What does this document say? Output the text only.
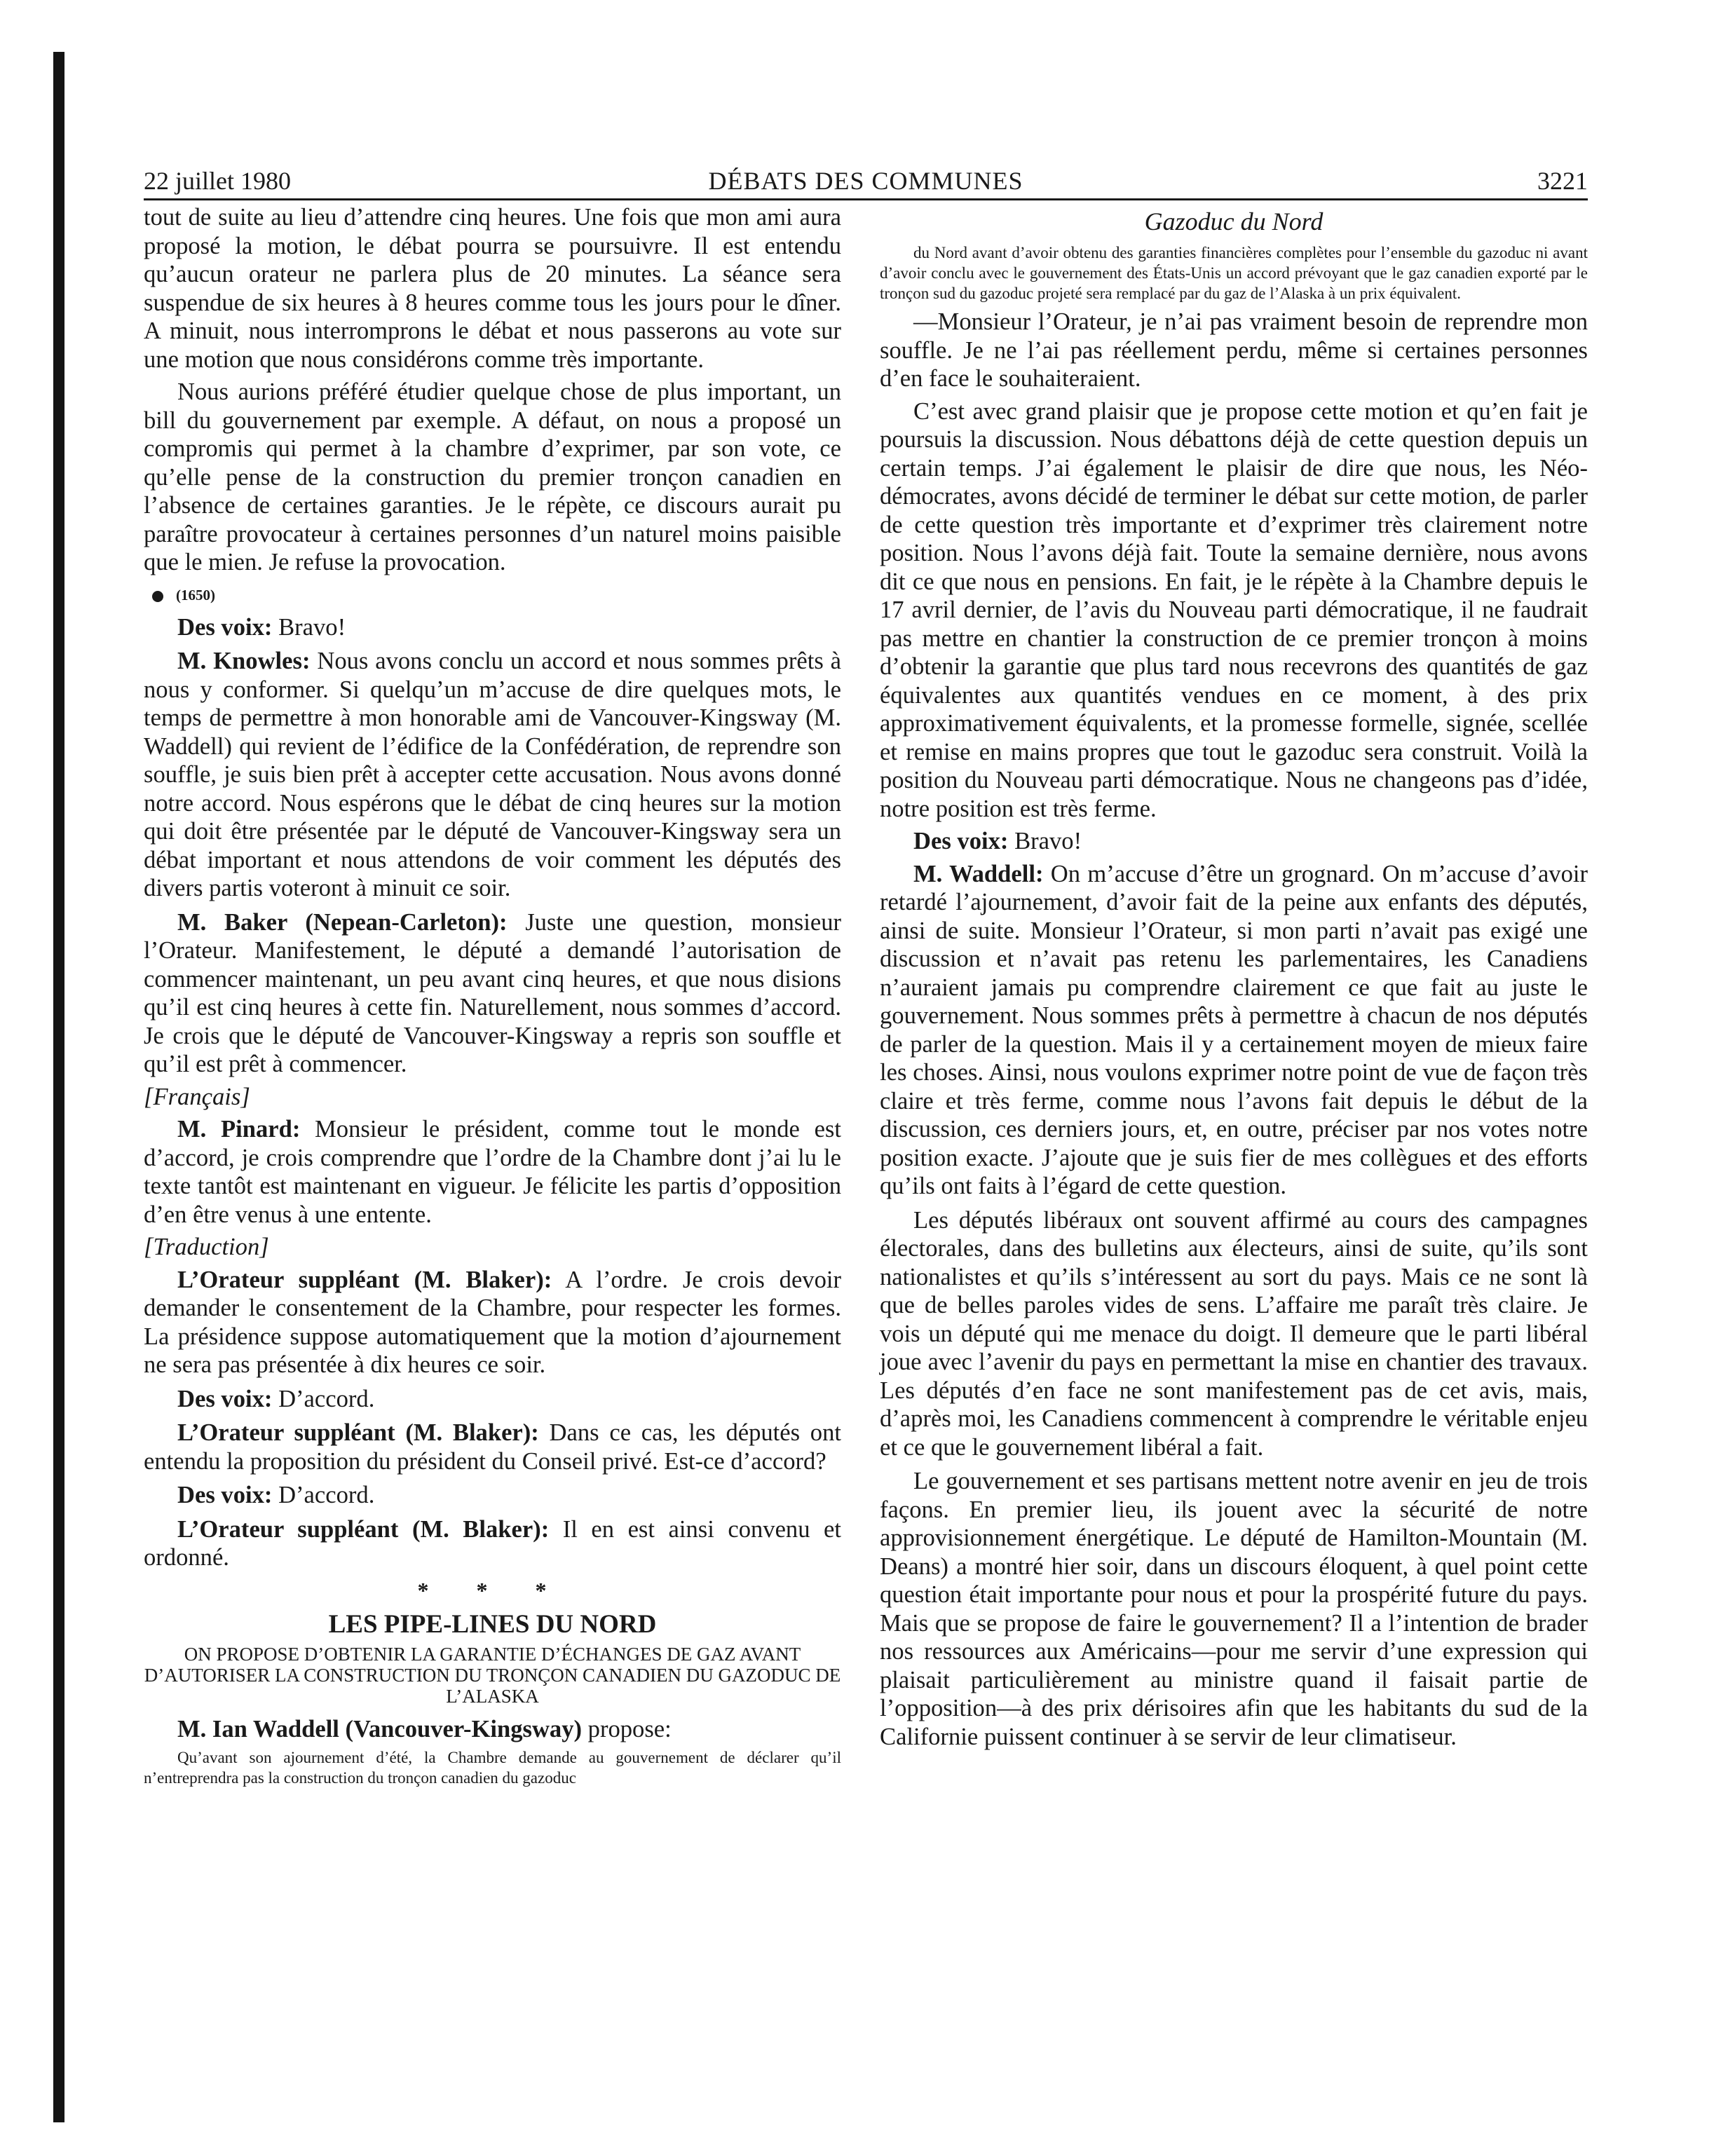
22 juillet 1980	DÉBATS DES COMMUNES	3221

tout de suite au lieu d’attendre cinq heures. Une fois que mon ami aura proposé la motion, le débat pourra se poursuivre. Il est entendu qu’aucun orateur ne parlera plus de 20 minutes. La séance sera suspendue de six heures à 8 heures comme tous les jours pour le dîner. A minuit, nous interromprons le débat et nous passerons au vote sur une motion que nous considérons comme très importante.

Nous aurions préféré étudier quelque chose de plus important, un bill du gouvernement par exemple. A défaut, on nous a proposé un compromis qui permet à la chambre d’exprimer, par son vote, ce qu’elle pense de la construction du premier tronçon canadien en l’absence de certaines garanties. Je le répète, ce discours aurait pu paraître provocateur à certaines personnes d’un naturel moins paisible que le mien. Je refuse la provocation.

(1650)

Des voix: Bravo!

M. Knowles: Nous avons conclu un accord et nous sommes prêts à nous y conformer. Si quelqu’un m’accuse de dire quelques mots, le temps de permettre à mon honorable ami de Vancouver-Kingsway (M. Waddell) qui revient de l’édifice de la Confédération, de reprendre son souffle, je suis bien prêt à accepter cette accusation. Nous avons donné notre accord. Nous espérons que le débat de cinq heures sur la motion qui doit être présentée par le député de Vancouver-Kingsway sera un débat important et nous attendons de voir comment les députés des divers partis voteront à minuit ce soir.

M. Baker (Nepean-Carleton): Juste une question, monsieur l’Orateur. Manifestement, le député a demandé l’autorisation de commencer maintenant, un peu avant cinq heures, et que nous disions qu’il est cinq heures à cette fin. Naturellement, nous sommes d’accord. Je crois que le député de Vancouver-Kingsway a repris son souffle et qu’il est prêt à commencer.

[Français]

M. Pinard: Monsieur le président, comme tout le monde est d’accord, je crois comprendre que l’ordre de la Chambre dont j’ai lu le texte tantôt est maintenant en vigueur. Je félicite les partis d’opposition d’en être venus à une entente.

[Traduction]

L’Orateur suppléant (M. Blaker): A l’ordre. Je crois devoir demander le consentement de la Chambre, pour respecter les formes. La présidence suppose automatiquement que la motion d’ajournement ne sera pas présentée à dix heures ce soir.

Des voix: D’accord.

L’Orateur suppléant (M. Blaker): Dans ce cas, les députés ont entendu la proposition du président du Conseil privé. Est-ce d’accord?

Des voix: D’accord.

L’Orateur suppléant (M. Blaker): Il en est ainsi convenu et ordonné.

* * *
LES PIPE-LINES DU NORD
ON PROPOSE D’OBTENIR LA GARANTIE D’ÉCHANGES DE GAZ AVANT D’AUTORISER LA CONSTRUCTION DU TRONÇON CANADIEN DU GAZODUC DE L’ALASKA

M. Ian Waddell (Vancouver-Kingsway) propose:

Qu’avant son ajournement d’été, la Chambre demande au gouvernement de déclarer qu’il n’entreprendra pas la construction du tronçon canadien du gazoduc

Gazoduc du Nord

du Nord avant d’avoir obtenu des garanties financières complètes pour l’ensemble du gazoduc ni avant d’avoir conclu avec le gouvernement des États-Unis un accord prévoyant que le gaz canadien exporté par le tronçon sud du gazoduc projeté sera remplacé par du gaz de l’Alaska à un prix équivalent.

—Monsieur l’Orateur, je n’ai pas vraiment besoin de reprendre mon souffle. Je ne l’ai pas réellement perdu, même si certaines personnes d’en face le souhaiteraient.

C’est avec grand plaisir que je propose cette motion et qu’en fait je poursuis la discussion. Nous débattons déjà de cette question depuis un certain temps. J’ai également le plaisir de dire que nous, les Néo-démocrates, avons décidé de terminer le débat sur cette motion, de parler de cette question très importante et d’exprimer très clairement notre position. Nous l’avons déjà fait. Toute la semaine dernière, nous avons dit ce que nous en pensions. En fait, je le répète à la Chambre depuis le 17 avril dernier, de l’avis du Nouveau parti démocratique, il ne faudrait pas mettre en chantier la construction de ce premier tronçon à moins d’obtenir la garantie que plus tard nous recevrons des quantités de gaz équivalentes aux quantités vendues en ce moment, à des prix approximativement équivalents, et la promesse formelle, signée, scellée et remise en mains propres que tout le gazoduc sera construit. Voilà la position du Nouveau parti démocratique. Nous ne changeons pas d’idée, notre position est très ferme.

Des voix: Bravo!

M. Waddell: On m’accuse d’être un grognard. On m’accuse d’avoir retardé l’ajournement, d’avoir fait de la peine aux enfants des députés, ainsi de suite. Monsieur l’Orateur, si mon parti n’avait pas exigé une discussion et n’avait pas retenu les parlementaires, les Canadiens n’auraient jamais pu comprendre clairement ce que fait au juste le gouvernement. Nous sommes prêts à permettre à chacun de nos députés de parler de la question. Mais il y a certainement moyen de mieux faire les choses. Ainsi, nous voulons exprimer notre point de vue de façon très claire et très ferme, comme nous l’avons fait depuis le début de la discussion, ces derniers jours, et, en outre, préciser par nos votes notre position exacte. J’ajoute que je suis fier de mes collègues et des efforts qu’ils ont faits à l’égard de cette question.

Les députés libéraux ont souvent affirmé au cours des campagnes électorales, dans des bulletins aux électeurs, ainsi de suite, qu’ils sont nationalistes et qu’ils s’intéressent au sort du pays. Mais ce ne sont là que de belles paroles vides de sens. L’affaire me paraît très claire. Je vois un député qui me menace du doigt. Il demeure que le parti libéral joue avec l’avenir du pays en permettant la mise en chantier des travaux. Les députés d’en face ne sont manifestement pas de cet avis, mais, d’après moi, les Canadiens commencent à comprendre le véritable enjeu et ce que le gouvernement libéral a fait.

Le gouvernement et ses partisans mettent notre avenir en jeu de trois façons. En premier lieu, ils jouent avec la sécurité de notre approvisionnement énergétique. Le député de Hamilton-Mountain (M. Deans) a montré hier soir, dans un discours éloquent, à quel point cette question était importante pour nous et pour la prospérité future du pays. Mais que se propose de faire le gouvernement? Il a l’intention de brader nos ressources aux Américains—pour me servir d’une expression qui plaisait particulièrement au ministre quand il faisait partie de l’opposition—à des prix dérisoires afin que les habitants du sud de la Californie puissent continuer à se servir de leur climatiseur.
